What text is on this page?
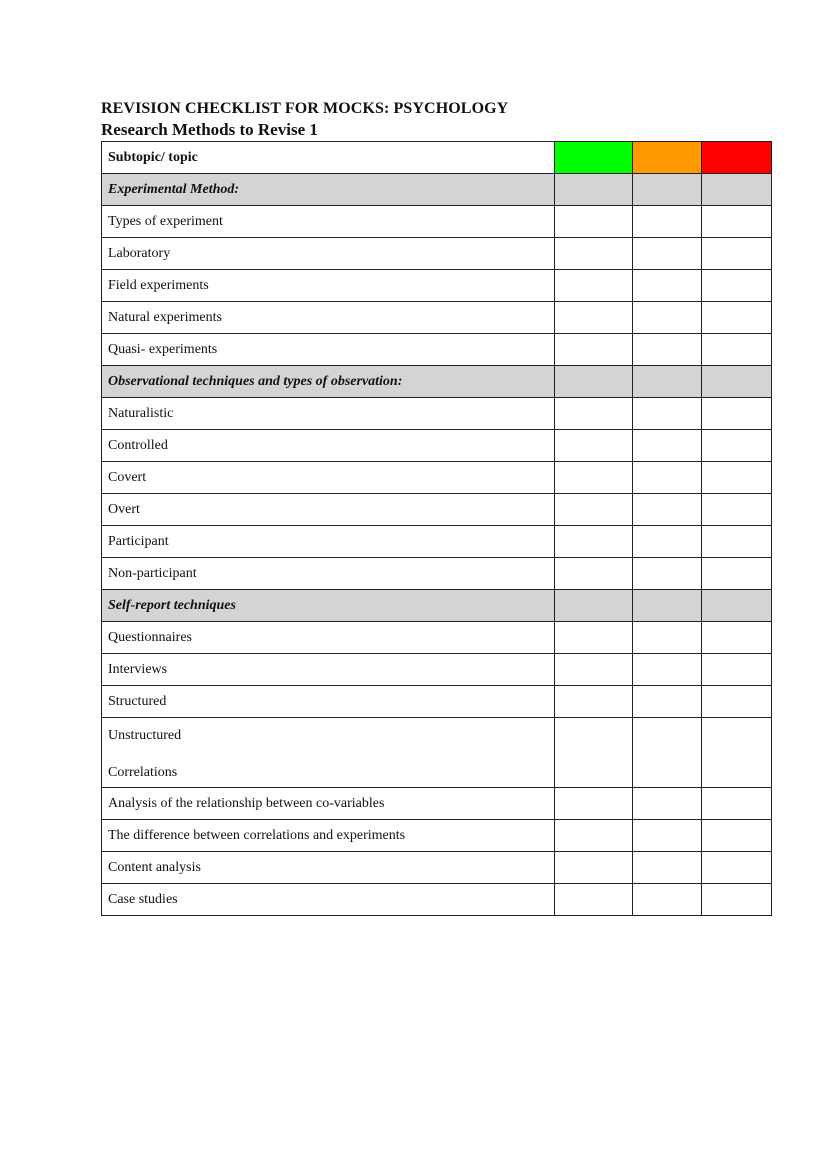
REVISION CHECKLIST FOR MOCKS: PSYCHOLOGY
Research Methods to Revise 1
Subtopic/ topic			
Experimental Method:			
Types of experiment			
Laboratory			
Field experiments			
Natural experiments			
Quasi- experiments			
Observational techniques and types of observation:			
Naturalistic			
Controlled			
Covert			
Overt			
Participant			
Non-participant			
Self-report techniques			
Questionnaires			
Interviews			
Structured			

Unstructured
Correlations			

Analysis of the relationship between co-variables			
The difference between correlations and experiments			
Content analysis			
Case studies			
